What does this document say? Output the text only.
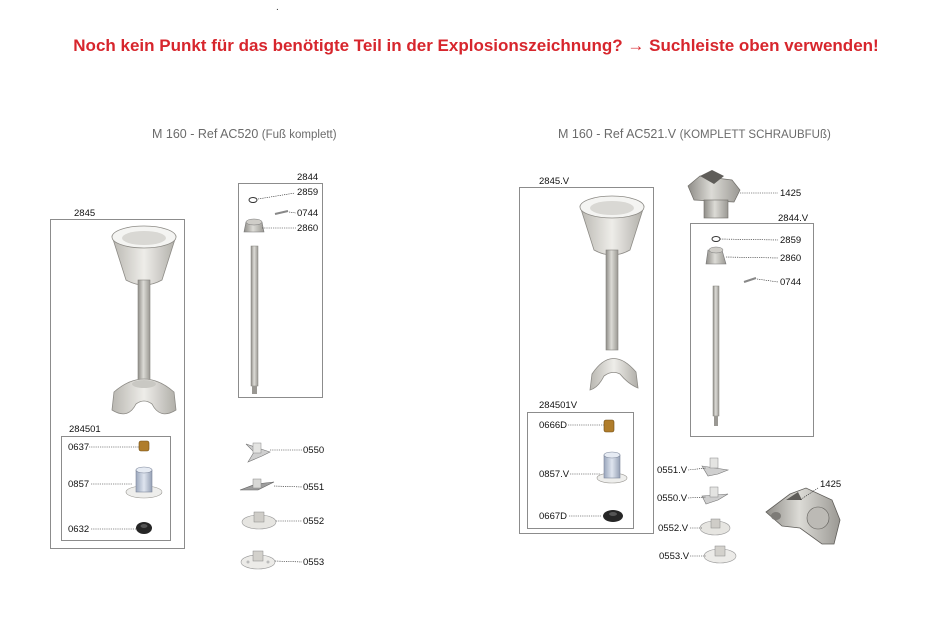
.
Noch kein Punkt für das benötigte Teil in der Explosionszeichnung? → Suchleiste oben verwenden!
M 160 - Ref AC520 (Fuß komplett)	M 160 - Ref AC521.V (KOMPLETT SCHRAUBFUß)
2845
2844
2859
0744
2860
284501
0637
0857
0632
0550
0551
0552
0553
2845.V
1425
2844.V
2859
2860
0744
284501V
0666D
0857.V
0667D
0551.V
0550.V
0552.V
0553.V
1425
